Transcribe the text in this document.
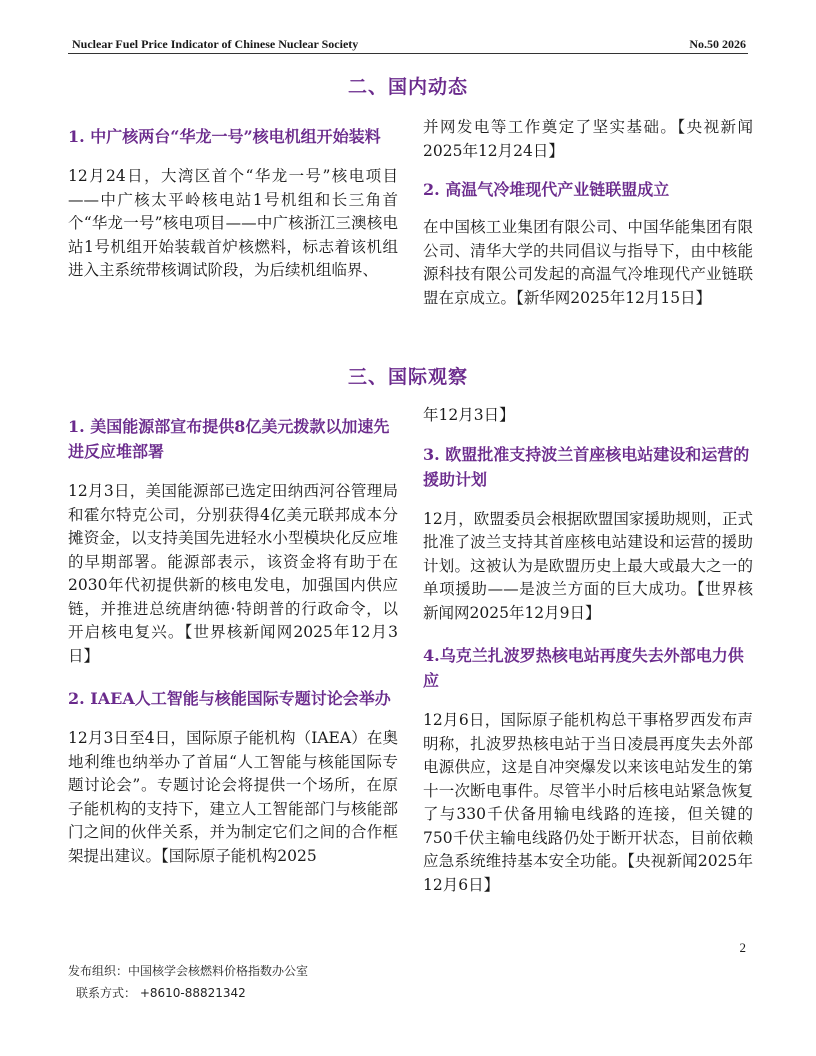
Nuclear Fuel Price Indicator of Chinese Nuclear Society	No.50 2026
二、国内动态

1. 中广核两台“华龙一号”核电机组开始装料

12月24日，大湾区首个“华龙一号”核电项目——中广核太平岭核电站1号机组和长三角首个“华龙一号”核电项目——中广核浙江三澳核电站1号机组开始装载首炉核燃料，标志着该机组进入主系统带核调试阶段，为后续机组临界、

并网发电等工作奠定了坚实基础。【央视新闻2025年12月24日】

2. 高温气冷堆现代产业链联盟成立

在中国核工业集团有限公司、中国华能集团有限公司、清华大学的共同倡议与指导下，由中核能源科技有限公司发起的高温气冷堆现代产业链联盟在京成立。【新华网2025年12月15日】

三、国际观察

1. 美国能源部宣布提供8亿美元拨款以加速先进反应堆部署

12月3日，美国能源部已选定田纳西河谷管理局和霍尔特克公司，分别获得4亿美元联邦成本分摊资金，以支持美国先进轻水小型模块化反应堆的早期部署。能源部表示，该资金将有助于在2030年代初提供新的核电发电，加强国内供应链，并推进总统唐纳德·特朗普的行政命令，以开启核电复兴。【世界核新闻网2025年12月3日】

2. IAEA人工智能与核能国际专题讨论会举办

12月3日至4日，国际原子能机构（IAEA）在奥地利维也纳举办了首届“人工智能与核能国际专题讨论会”。专题讨论会将提供一个场所，在原子能机构的支持下，建立人工智能部门与核能部门之间的伙伴关系，并为制定它们之间的合作框架提出建议。【国际原子能机构2025

年12月3日】

3. 欧盟批准支持波兰首座核电站建设和运营的援助计划

12月，欧盟委员会根据欧盟国家援助规则，正式批准了波兰支持其首座核电站建设和运营的援助计划。这被认为是欧盟历史上最大或最大之一的单项援助——是波兰方面的巨大成功。【世界核新闻网2025年12月9日】

4.乌克兰扎波罗热核电站再度失去外部电力供应

12月6日，国际原子能机构总干事格罗西发布声明称，扎波罗热核电站于当日凌晨再度失去外部电源供应，这是自冲突爆发以来该电站发生的第十一次断电事件。尽管半小时后核电站紧急恢复了与330千伏备用输电线路的连接，但关键的750千伏主输电线路仍处于断开状态，目前依赖应急系统维持基本安全功能。【央视新闻2025年12月6日】

2
发布组织：中国核学会核燃料价格指数办公室
联系方式： +8610-88821342
